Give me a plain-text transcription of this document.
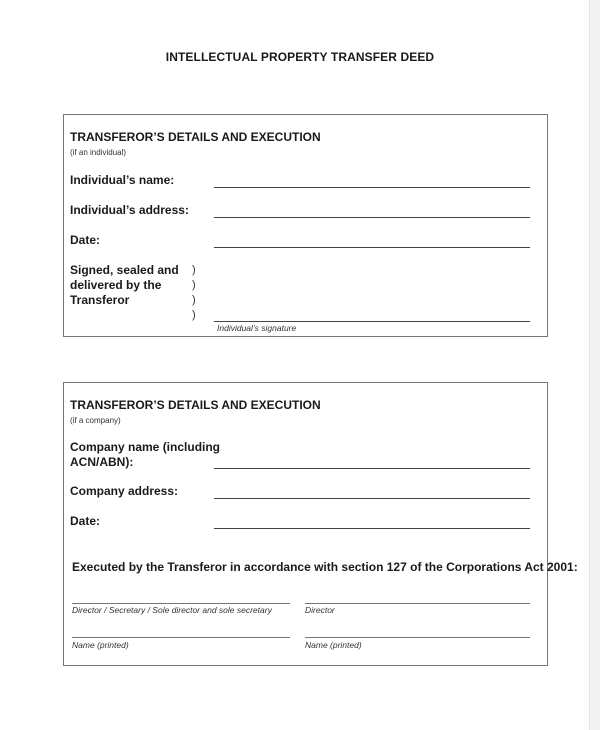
INTELLECTUAL PROPERTY TRANSFER DEED
TRANSFEROR’S DETAILS AND EXECUTION
(if an individual)
Individual’s name:
Individual’s address:
Date:
Signed, sealed and
delivered by the
Transferor
)
)
)
)
Individual’s signature
TRANSFEROR’S DETAILS AND EXECUTION
(if a company)
Company name (including
ACN/ABN):
Company address:
Date:
Executed by the Transferor in accordance with section 127 of the Corporations Act 2001:
Director / Secretary / Sole director and sole secretary	Director
Name (printed)	Name (printed)
